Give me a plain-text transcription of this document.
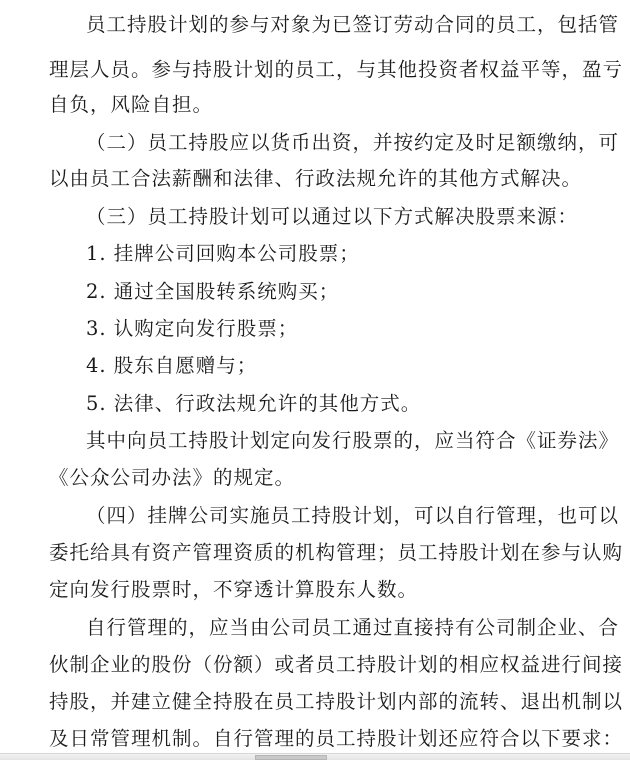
员工持股计划的参与对象为已签订劳动合同的员工，包括管
理层人员。参与持股计划的员工，与其他投资者权益平等，盈亏
自负，风险自担。
（二）员工持股应以货币出资，并按约定及时足额缴纳，可
以由员工合法薪酬和法律、行政法规允许的其他方式解决。
（三）员工持股计划可以通过以下方式解决股票来源：
1. 挂牌公司回购本公司股票；
2. 通过全国股转系统购买；
3. 认购定向发行股票；
4. 股东自愿赠与；
5. 法律、行政法规允许的其他方式。
其中向员工持股计划定向发行股票的，应当符合《证券法》
《公众公司办法》的规定。
（四）挂牌公司实施员工持股计划，可以自行管理，也可以
委托给具有资产管理资质的机构管理；员工持股计划在参与认购
定向发行股票时，不穿透计算股东人数。
自行管理的，应当由公司员工通过直接持有公司制企业、合
伙制企业的股份（份额）或者员工持股计划的相应权益进行间接
持股，并建立健全持股在员工持股计划内部的流转、退出机制以
及日常管理机制。自行管理的员工持股计划还应符合以下要求：
